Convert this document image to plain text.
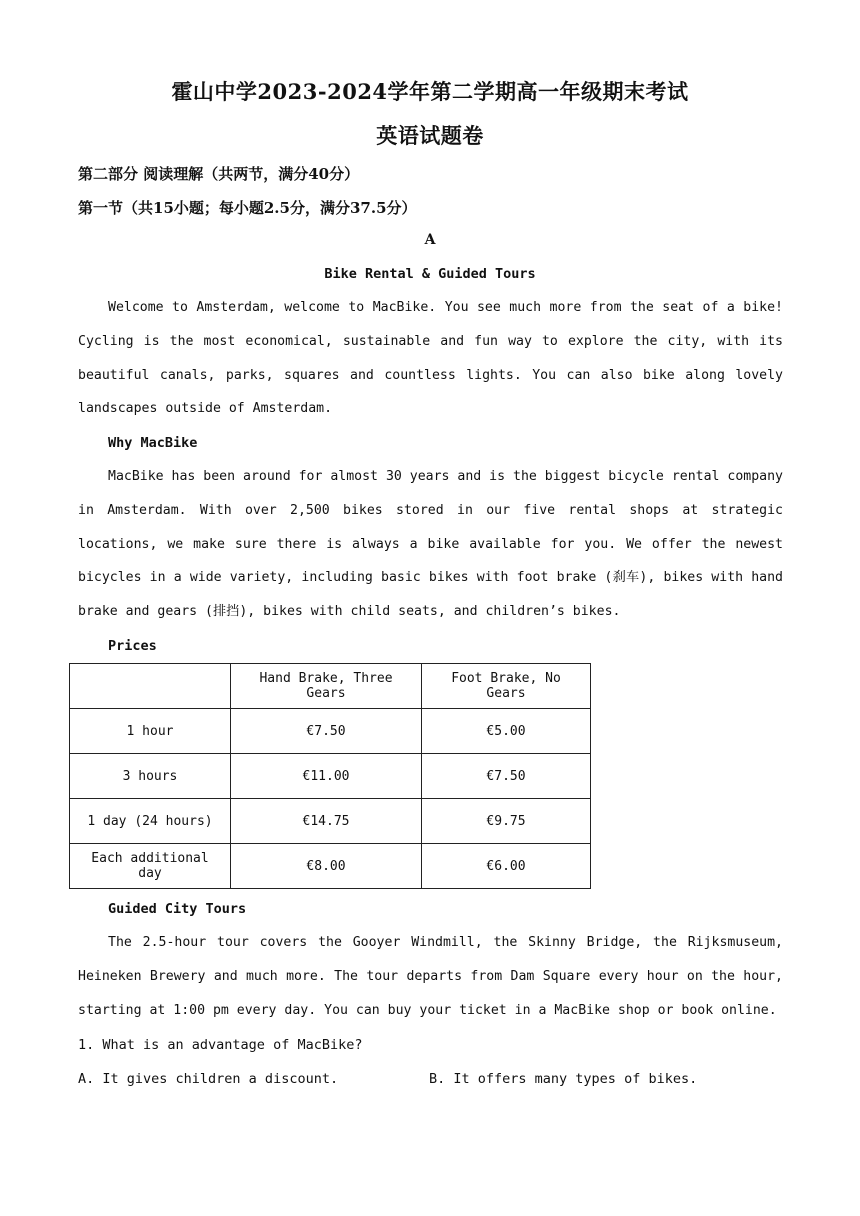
霍山中学2023-2024学年第二学期高一年级期末考试
英语试题卷
第二部分 阅读理解（共两节，满分40分）
第一节（共15小题；每小题2.5分，满分37.5分）
A
Bike Rental & Guided Tours
Welcome to Amsterdam, welcome to MacBike. You see much more from the seat of a bike! Cycling is the most economical, sustainable and fun way to explore the city, with its beautiful canals, parks, squares and countless lights. You can also bike along lovely landscapes outside of Amsterdam.
Why MacBike
MacBike has been around for almost 30 years and is the biggest bicycle rental company in Amsterdam. With over 2,500 bikes stored in our five rental shops at strategic locations, we make sure there is always a bike available for you. We offer the newest bicycles in a wide variety, including basic bikes with foot brake (刹车), bikes with hand brake and gears (排挡), bikes with child seats, and children’s bikes.
Prices
	Hand Brake, Three Gears	Foot Brake, No Gears
1 hour	€7.50	€5.00
3 hours	€11.00	€7.50
1 day (24 hours)	€14.75	€9.75
Each additional day	€8.00	€6.00
Guided City Tours
The 2.5-hour tour covers the Gooyer Windmill, the Skinny Bridge, the Rijksmuseum, Heineken Brewery and much more. The tour departs from Dam Square every hour on the hour, starting at 1:00 pm every day. You can buy your ticket in a MacBike shop or book online.
1. What is an advantage of MacBike?
A. It gives children a discount.	B. It offers many types of bikes.
